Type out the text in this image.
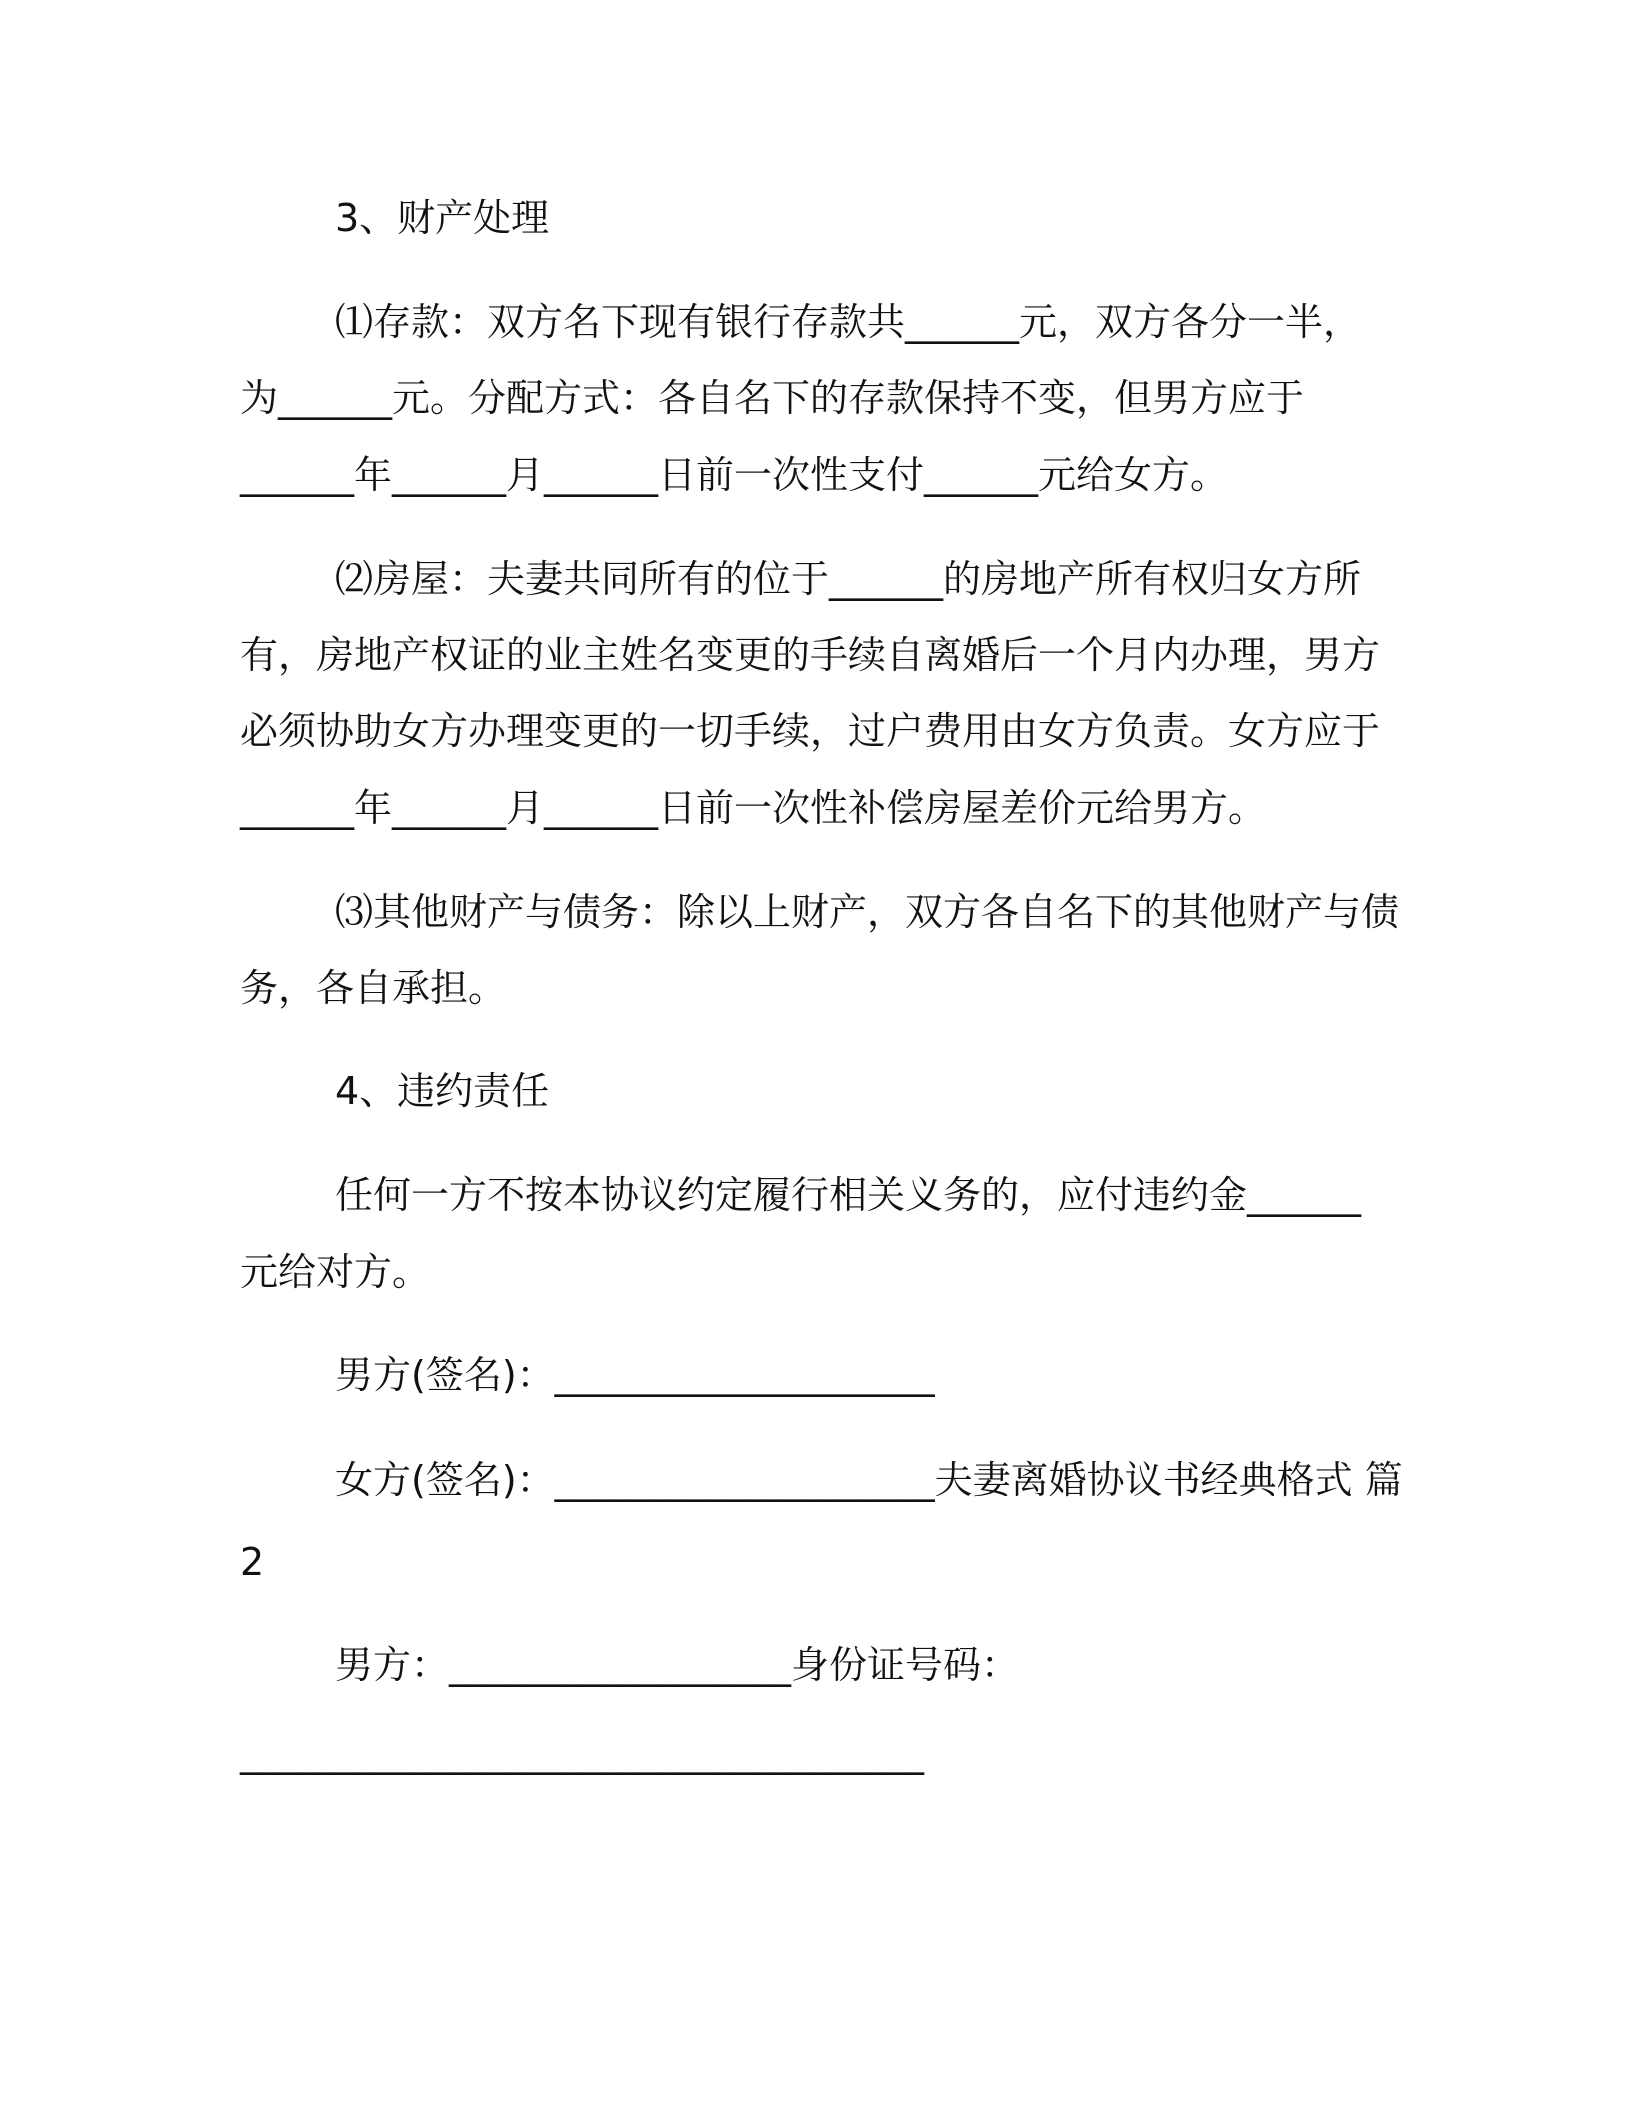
3、财产处理
⑴存款：双方名下现有银行存款共______元，双方各分一半，
为______元。分配方式：各自名下的存款保持不变，但男方应于
______年______月______日前一次性支付______元给女方。
⑵房屋：夫妻共同所有的位于______的房地产所有权归女方所
有，房地产权证的业主姓名变更的手续自离婚后一个月内办理，男方
必须协助女方办理变更的一切手续，过户费用由女方负责。女方应于
______年______月______日前一次性补偿房屋差价元给男方。
⑶其他财产与债务：除以上财产，双方各自名下的其他财产与债
务，各自承担。
4、违约责任
任何一方不按本协议约定履行相关义务的，应付违约金______
元给对方。
男方(签名)：____________________
女方(签名)：____________________夫妻离婚协议书经典格式 篇
2
男方：__________________身份证号码：
____________________________________
